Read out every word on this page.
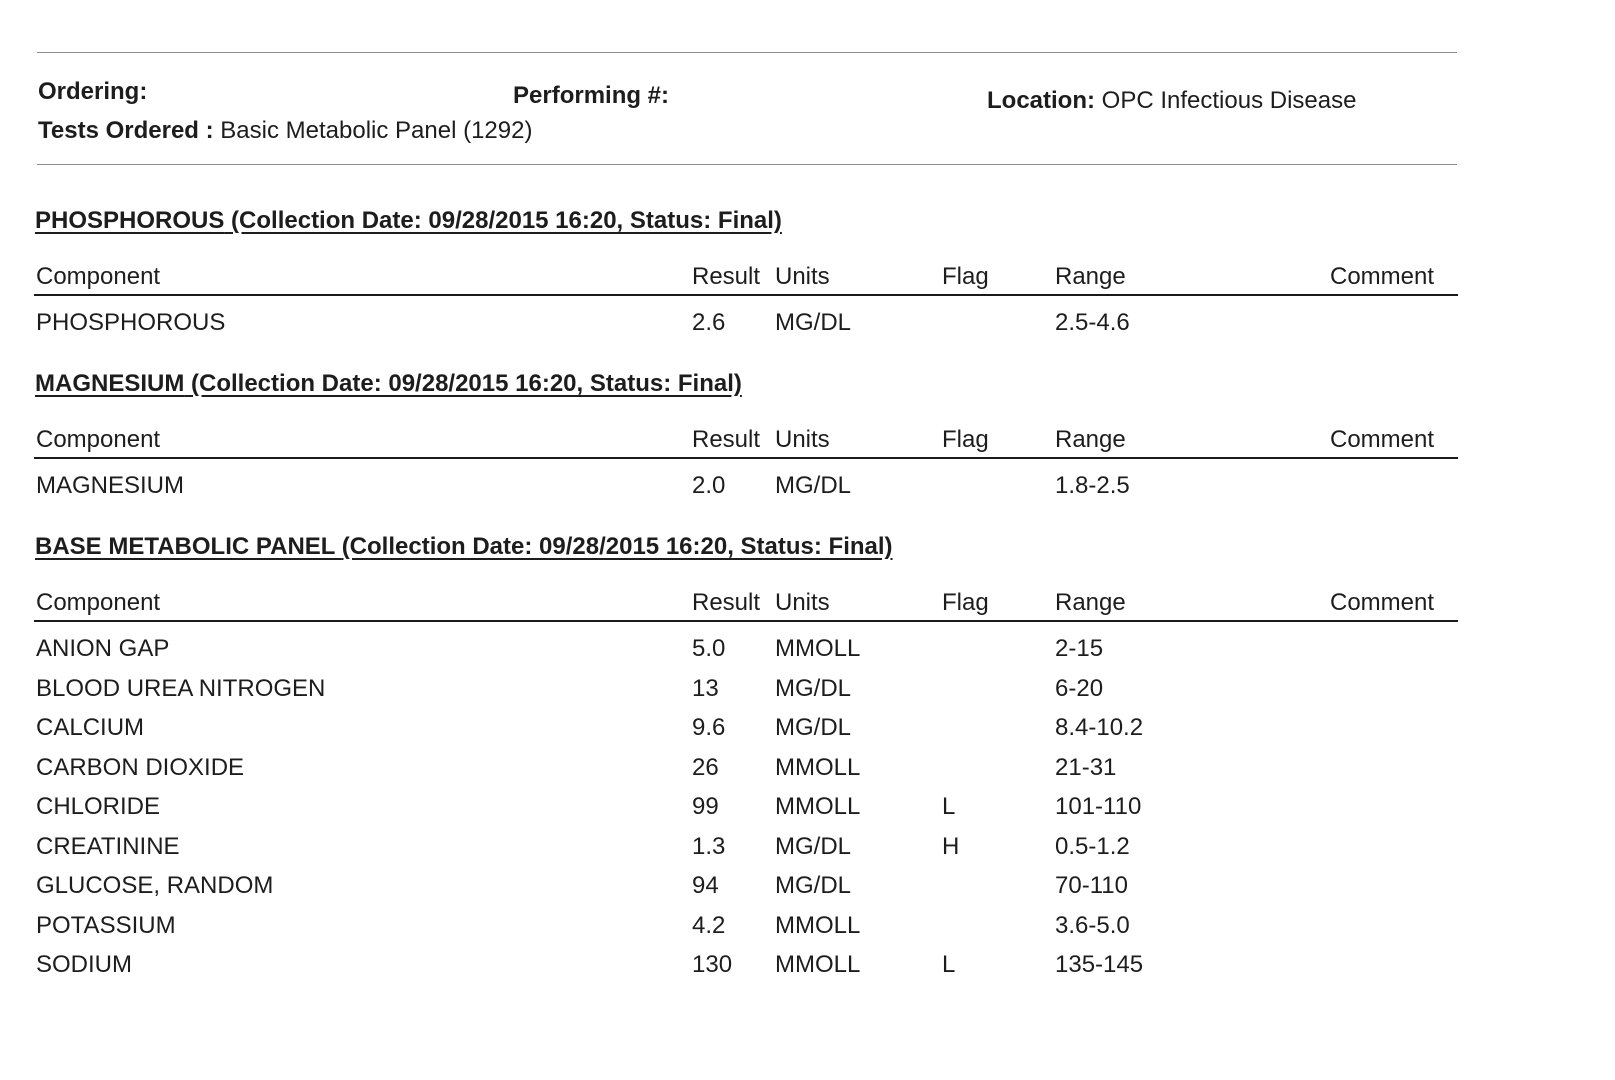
Ordering:	Performing #:	Location: OPC Infectious Disease
Tests Ordered : Basic Metabolic Panel (1292)
PHOSPHOROUS (Collection Date: 09/28/2015 16:20, Status: Final)
Component	Result Units	Flag	Range	Comment
PHOSPHOROUS	2.6 MG/DL	2.5-4.6
MAGNESIUM (Collection Date: 09/28/2015 16:20, Status: Final)
Component	Result Units	Flag	Range	Comment
MAGNESIUM	2.0 MG/DL	1.8-2.5
BASE METABOLIC PANEL (Collection Date: 09/28/2015 16:20, Status: Final)
Component	Result Units	Flag	Range	Comment
ANION GAP	5.0 MMOLL	2-15
BLOOD UREA NITROGEN	13 MG/DL	6-20
CALCIUM	9.6 MG/DL	8.4-10.2
CARBON DIOXIDE	26 MMOLL	21-31
CHLORIDE	99 MMOLL	L	101-110
CREATININE	1.3 MG/DL	H	0.5-1.2
GLUCOSE, RANDOM	94 MG/DL	70-110
POTASSIUM	4.2 MMOLL	3.6-5.0
SODIUM	130 MMOLL	L	135-145
